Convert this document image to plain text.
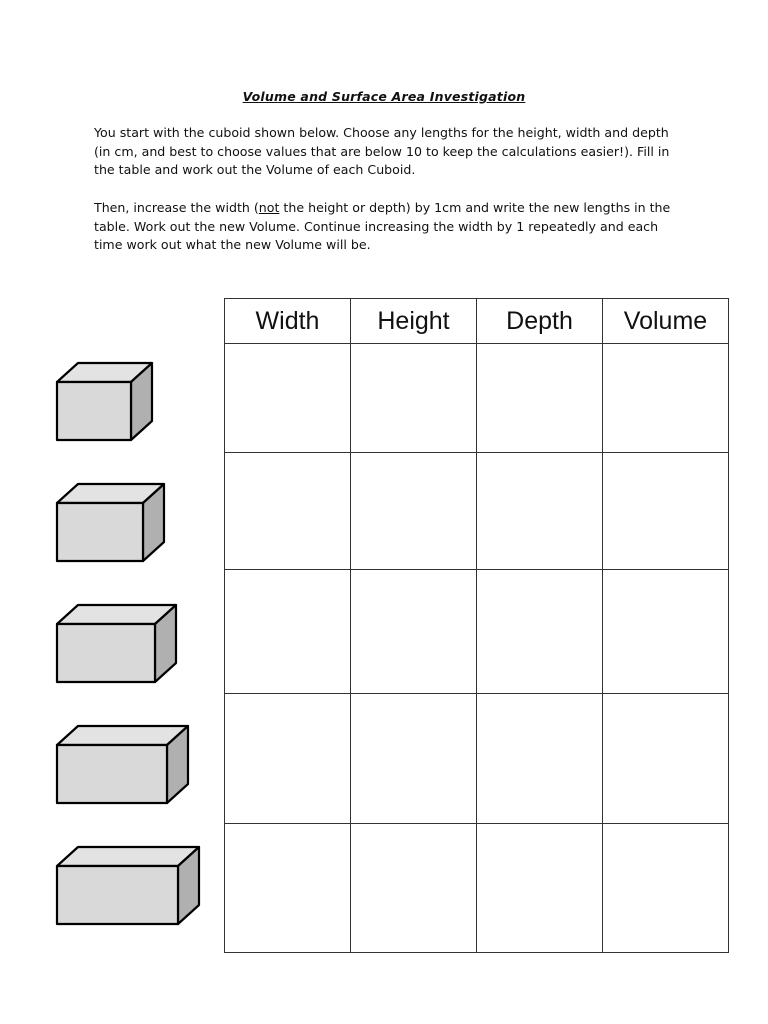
Volume and Surface Area Investigation
You start with the cuboid shown below. Choose any lengths for the height, width and depth (in cm, and best to choose values that are below 10 to keep the calculations easier!). Fill in the table and work out the Volume of each Cuboid.
Then, increase the width (not the height or depth) by 1cm and write the new lengths in the table. Work out the new Volume. Continue increasing the width by 1 repeatedly and each time work out what the new Volume will be.
Width	Height	Depth	Volume
